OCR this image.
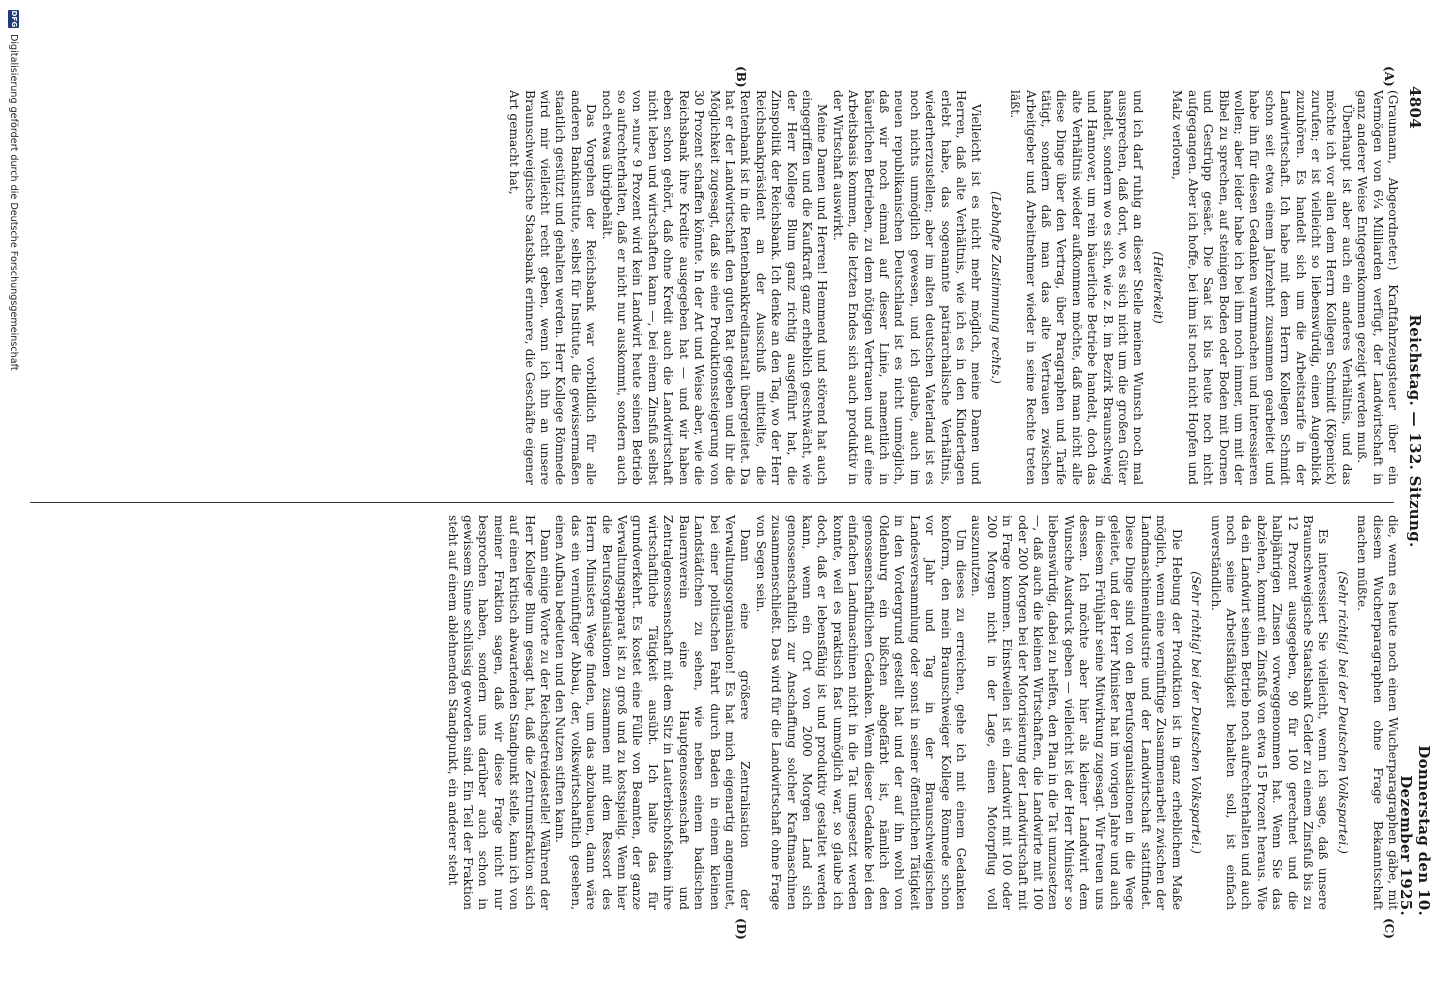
4804
Reichstag. — 132. Sitzung.
Donnerstag den 10. Dezember 1925.
(A)
(B)
(C)
(D)

(Graumann, Abgeordneter.) Kraftfahrzeugsteuer über ein Vermögen von 6¼ Milliarden verfügt, der Landwirtschaft in ganz anderer Weise Entgegenkommen gezeigt werden muß.

Überhaupt ist aber auch ein anderes Verhältnis, und das möchte ich vor allen dem Herrn Kollegen Schmidt (Köpenick) zurufen; er ist vielleicht so liebenswürdig, einen Augenblick zuzuhören. Es handelt sich um die Arbeitstarife in der Landwirtschaft. Ich habe mit dem Herrn Kollegen Schmidt schon seit etwa einem Jahrzehnt zusammen gearbeitet und habe ihn für diesen Gedanken warmmachen und interessieren wollen; aber leider habe ich bei ihm noch immer, um mit der Bibel zu sprechen, auf steinigen Boden oder Boden mit Dornen und Gestrüpp gesäet. Die Saat ist bis heute noch nicht aufgegangen. Aber ich hoffe, bei ihm ist noch nicht Hopfen und Malz verloren,

(Heiterkeit)

und ich darf ruhig an dieser Stelle meinen Wunsch noch mal aussprechen, daß dort, wo es sich nicht um die großen Güter handelt, sondern wo es sich, wie z. B. im Bezirk Braunschweig und Hannover, um rein bäuerliche Betriebe handelt, doch das alte Verhältnis wieder aufkommen möchte, daß man nicht alle diese Dinge über den Vertrag, über Paragraphen und Tarife tätigt, sondern daß man das alte Vertrauen zwischen Arbeitgeber und Arbeitnehmer wieder in seine Rechte treten läßt.

(Lebhafte Zustimmung rechts.)

Vielleicht ist es nicht mehr möglich, meine Damen und Herren, daß alte Verhältnis, wie ich es in den Kindertagen erlebt habe, das sogenannte patriarchalische Verhältnis, wiederherzustellen; aber im alten deutschen Vaterland ist es noch nichts unmöglich gewesen, und ich glaube, auch im neuen republikanischen Deutschland ist es nicht unmöglich, daß wir noch einmal auf dieser Linie, namentlich in bäuerlichen Betrieben, zu dem nötigen Vertrauen und auf eine Arbeitsbasis kommen, die letzten Endes sich auch produktiv in der Wirtschaft auswirkt.

Meine Damen und Herren! Hemmend und störend hat auch eingegriffen und die Kaufkraft ganz erheblich geschwächt, wie der Herr Kollege Blum ganz richtig ausgeführt hat, die Zinspolitik der Reichsbank. Ich denke an den Tag, wo der Herr Reichsbankpräsident an der Ausschuß mitteilte, die Rentenbank ist in die Rentenbankkreditanstalt übergeleitet. Da hat er der Landwirtschaft den guten Rat gegeben und ihr die Möglichkeit zugesagt, daß sie eine Produktionssteigerung von 30 Prozent schaffen könnte. In der Art und Weise aber, wie die Reichsbank ihre Kredite ausgegeben hat — und wir haben eben schon gehört, daß ohne Kredit auch die Landwirtschaft nicht leben und wirtschaften kann —, bei einem Zinsfuß selbst von »nur« 9 Prozent wird kein Landwirt heute seinen Betrieb so aufrechterhalten, daß er nicht nur auskommt, sondern auch noch etwas übrigbehält.

Das Vorgehen der Reichsbank war vorbildlich für alle anderen Bankinstitute, selbst für Institute, die gewissermaßen staatlich gestützt und gehalten werden. Herr Kollege Römnede wird mir vielleicht recht geben, wenn ich ihn an unsere Braunschweigische Staatsbank erinnere, die Geschäfte eigener Art gemacht hat,

die, wenn es heute noch einen Wucherparagraphen gäbe, mit diesem Wucherparagraphen ohne Frage Bekanntschaft machen müßte.

(Sehr richtig! bei der Deutschen Volkspartei.)

Es interessiert Sie vielleicht, wenn ich sage, daß unsere Braunschweigische Staatsbank Gelder zu einem Zinsfuß bis zu 12 Prozent ausgegeben, 90 für 100 gerechnet und die halbjährigen Zinsen vorweggenommen hat. Wenn Sie das abziehen, kommt ein Zinsfuß von etwa 15 Prozent heraus. Wie da ein Landwirt seinen Betrieb noch aufrechterhalten und auch noch seine Arbeitsfähigkeit behalten soll, ist einfach unverständlich.

(Sehr richtig! bei der Deutschen Volkspartei.)

Die Hebung der Produktion ist in ganz erheblichem Maße möglich, wenn eine vernünftige Zusammenarbeit zwischen der Landmaschinenindustrie und der Landwirtschaft stattfindet. Diese Dinge sind von den Berufsorganisationen in die Wege geleitet, und der Herr Minister hat im vorigen Jahre und auch in diesem Frühjahr seine Mitwirkung zugesagt. Wir freuen uns dessen. Ich möchte aber hier als kleiner Landwirt dem Wunsche Ausdruck geben — vielleicht ist der Herr Minister so liebenswürdig, dabei zu helfen, den Plan in die Tat umzusetzen —, daß auch die kleinen Wirtschaften, die Landwirte mit 100 oder 200 Morgen bei der Motorisierung der Landwirtschaft mit in Frage kommen. Einstweilen ist ein Landwirt mit 100 oder 200 Morgen nicht in der Lage, einen Motorpflug voll auszunutzen.

Um dieses zu erreichen, gehe ich mit einem Gedanken konform, den mein Braunschweiger Kollege Römnede schon vor Jahr und Tag in der Braunschweigischen Landesversammlung oder sonst in seiner öffentlichen Tätigkeit in den Vordergrund gestellt hat und der auf ihn wohl von Oldenburg ein bißchen abgefärbt ist, nämlich den genossenschaftlichen Gedanken. Wenn dieser Gedanke bei den einfachen Landmaschinen nicht in die Tat umgesetzt werden konnte, weil es praktisch fast unmöglich war, so glaube ich doch, daß er lebensfähig ist und produktiv gestaltet werden kann, wenn ein Ort von 2000 Morgen Land sich genossenschaftlich zur Anschaffung solcher Kraftmaschinen zusammenschließt. Das wird für die Landwirtschaft ohne Frage von Segen sein.

Dann eine größere Zentralisation der Verwaltungsorganisation! Es hat mich eigenartig angemutet, bei einer politischen Fahrt durch Baden in einem kleinen Landstädtchen zu sehen, wie neben einem badischen Bauernverein eine Hauptgenossenschaft und Zentralgenossenschaft mit dem Sitz in Lauterbischofsheim ihre wirtschaftliche Tätigkeit ausübt. Ich halte das für grundverkehrt. Es kostet eine Fülle von Beamten, der ganze Verwaltungsapparat ist zu groß und zu kostspielig. Wenn hier die Berufsorganisationen zusammen mit dem Ressort des Herrn Ministers Wege finden, um das abzubauen, dann wäre das ein vernünftiger Abbau, der, volkswirtschaftlich gesehen, einen Aufbau bedeuten und den Nutzen stiften kann.

Dann einige Worte zu der Reichsgetreidestelle! Während der Herr Kollege Blum gesagt hat, daß die Zentrumsfraktion sich auf einen kritisch abwartenden Standpunkt stelle, kann ich von meiner Fraktion sagen, daß wir diese Frage nicht nur besprochen haben, sondern uns darüber auch schon in gewissem Sinne schlüssig geworden sind. Ein Teil der Fraktion steht auf einem ablehnenden Standpunkt, ein anderer steht

DFG
Digitalisierung gefördert durch die Deutsche Forschungsgemeinschaft
